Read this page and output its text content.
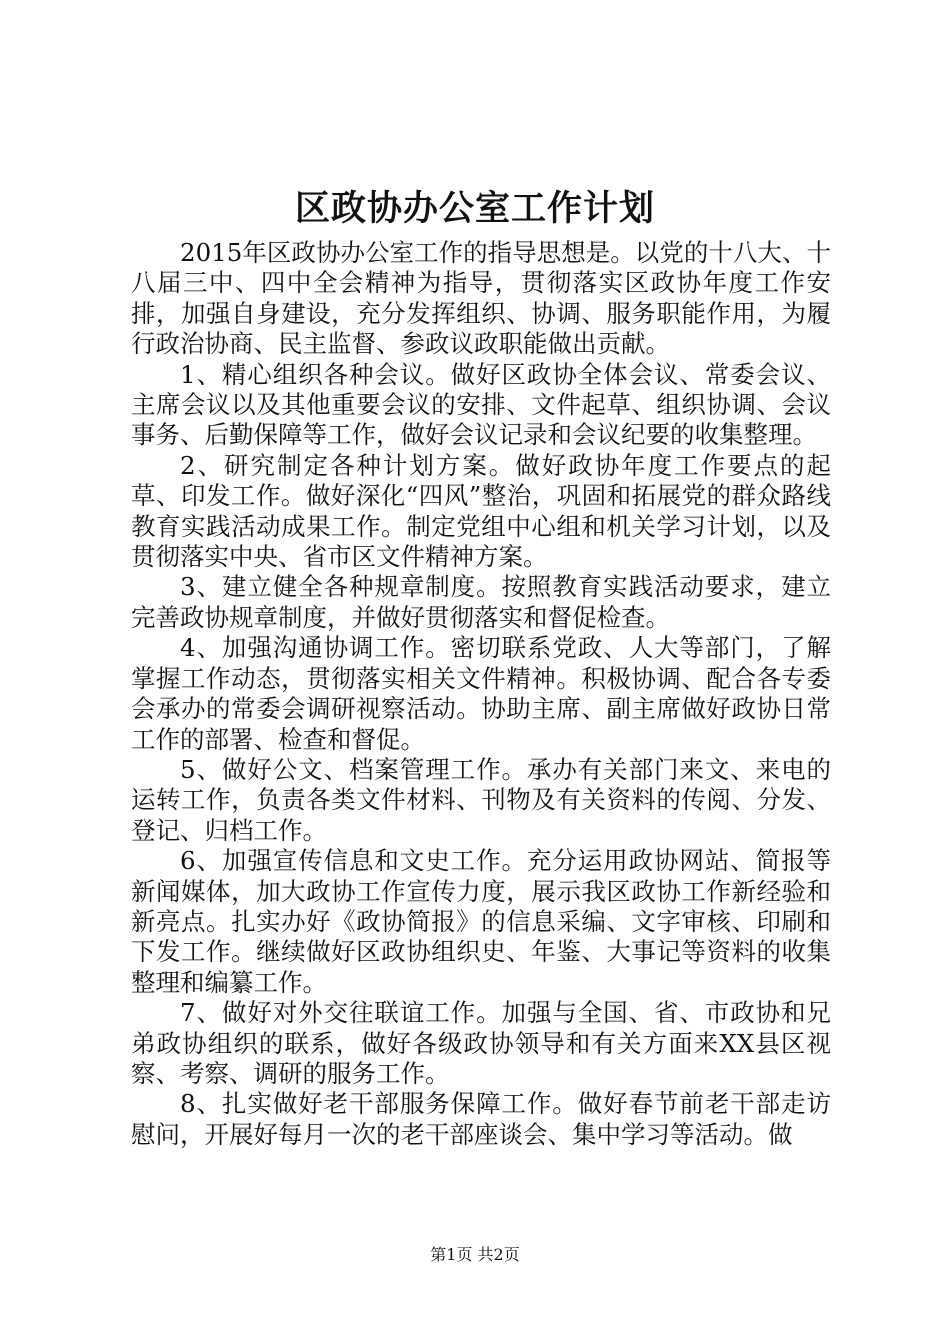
区政协办公室工作计划

2015年区政协办公室工作的指导思想是。以党的十八大、十八届三中、四中全会精神为指导，贯彻落实区政协年度工作安排，加强自身建设，充分发挥组织、协调、服务职能作用，为履行政治协商、民主监督、参政议政职能做出贡献。

1、精心组织各种会议。做好区政协全体会议、常委会议、主席会议以及其他重要会议的安排、文件起草、组织协调、会议事务、后勤保障等工作，做好会议记录和会议纪要的收集整理。

2、研究制定各种计划方案。做好政协年度工作要点的起草、印发工作。做好深化“四风”整治，巩固和拓展党的群众路线教育实践活动成果工作。制定党组中心组和机关学习计划，以及贯彻落实中央、省市区文件精神方案。

3、建立健全各种规章制度。按照教育实践活动要求，建立完善政协规章制度，并做好贯彻落实和督促检查。

4、加强沟通协调工作。密切联系党政、人大等部门，了解掌握工作动态，贯彻落实相关文件精神。积极协调、配合各专委会承办的常委会调研视察活动。协助主席、副主席做好政协日常工作的部署、检查和督促。

5、做好公文、档案管理工作。承办有关部门来文、来电的运转工作，负责各类文件材料、刊物及有关资料的传阅、分发、登记、归档工作。

6、加强宣传信息和文史工作。充分运用政协网站、简报等新闻媒体，加大政协工作宣传力度，展示我区政协工作新经验和新亮点。扎实办好《政协简报》的信息采编、文字审核、印刷和下发工作。继续做好区政协组织史、年鉴、大事记等资料的收集整理和编纂工作。

7、做好对外交往联谊工作。加强与全国、省、市政协和兄弟政协组织的联系，做好各级政协领导和有关方面来XX县区视察、考察、调研的服务工作。

8、扎实做好老干部服务保障工作。做好春节前老干部走访慰问，开展好每月一次的老干部座谈会、集中学习等活动。做

第1页 共2页
